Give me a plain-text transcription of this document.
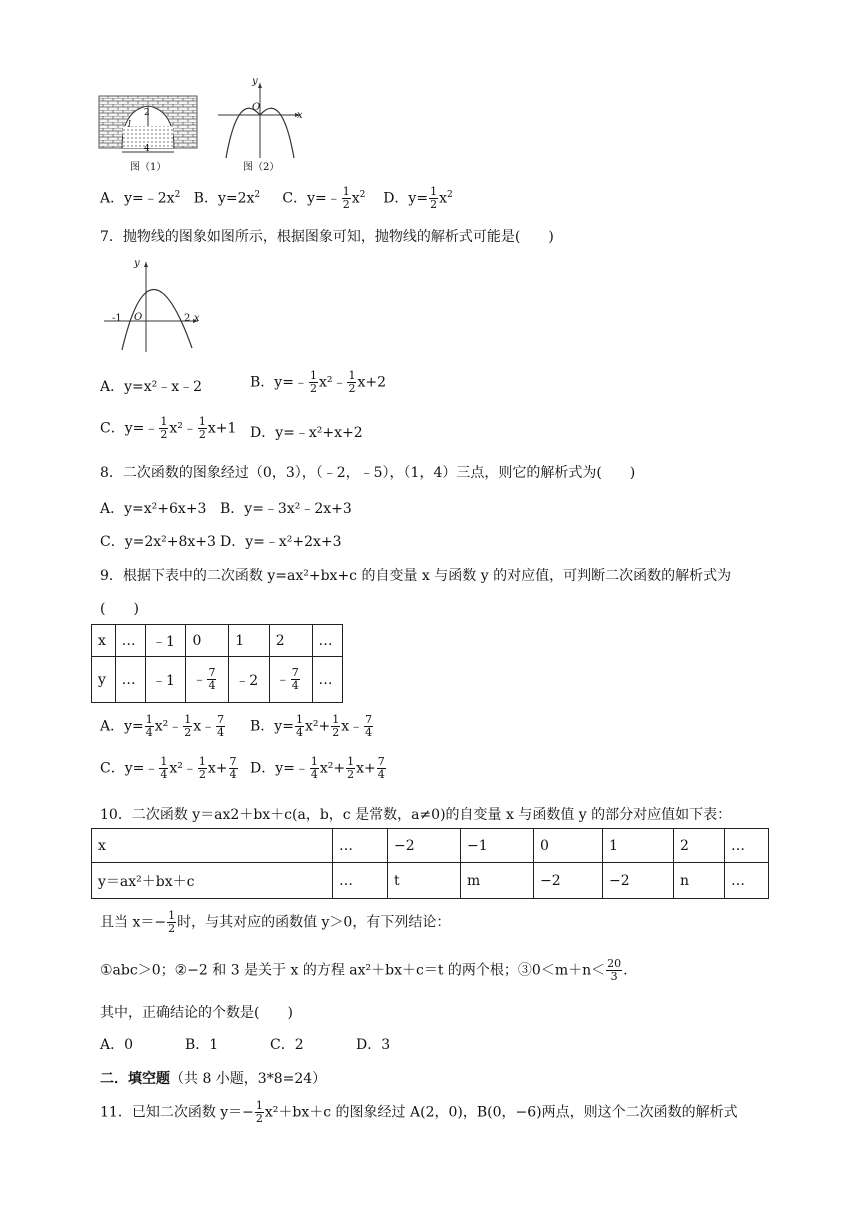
2
4
l
图（1）
y
O
x
图（2）
A．$y=﹣2x^2$ B．$y=2x^2$ C．y=﹣ $\frac{1}{2} x^2$ D．$y= \frac{1}{2} x^2$
7．抛物线的图象如图所示，根据图象可知，抛物线的解析式可能是(　　)
y
O
-1	2 x
A．y=x²﹣x﹣2	B．y=﹣ $\frac{1}{2}$ x²﹣ $\frac{1}{2} x+2$
C．y=﹣ $\frac{1}{2}$ x²﹣ $\frac{1}{2} x+1$ D．y=﹣x²+x+2
8．二次函数的图象经过（0，3），（﹣2，﹣5），（1，4）三点，则它的解析式为(　　)
A．y=x²+6x+3 B．y=﹣3x²﹣2x+3
C．y=2x²+8x+3 D．y=﹣x²+2x+3
9．根据下表中的二次函数 y=ax²+bx+c 的自变量 x 与函数 y 的对应值，可判断二次函数的解析式为
(　　)
x	…	﹣1	0	1	2	…
y	…	﹣1	﹣ $\frac{7}{4}$	﹣2	﹣ $\frac{7}{4}$	…
A．$y= \frac{1}{4}$ x²﹣ $\frac{1}{2}$ x﹣ $\frac{7}{4}$ B．$y= \frac{1}{4} x^2+ \frac{1}{2}$ x﹣ $\frac{7}{4}$
C．y=﹣ $\frac{1}{4}$ x²﹣ $\frac{1}{2} x+ \frac{7}{4}$ D．y=﹣ $\frac{1}{4} x^2+ \frac{1}{2} x+ \frac{7}{4}$
10．二次函数 y＝ax2＋bx＋c(a，b，c 是常数，a≠0)的自变量 x 与函数值 y 的部分对应值如下表：
x	…	−2	−1	0	1	2	…
y＝ax²＋bx＋c	…	t	m	−2	−2	n	…
且当 $x=- \frac{1}{2}$ 时，与其对应的函数值 y＞0，有下列结论：
①abc＞0；②−2 和 3 是关于 x 的方程 ax²＋bx＋c＝t 的两个根；③0＜m＋n＜ $\frac{20}{3}$ .
其中，正确结论的个数是(　　)
A．0	B．1	C．2	D．3
二．填空题（共 8 小题，3*8=24）
11．已知二次函数 $y=- \frac{1}{2} x^2+bx+c$ 的图象经过 A(2，0)，B(0，−6)两点，则这个二次函数的解析式
